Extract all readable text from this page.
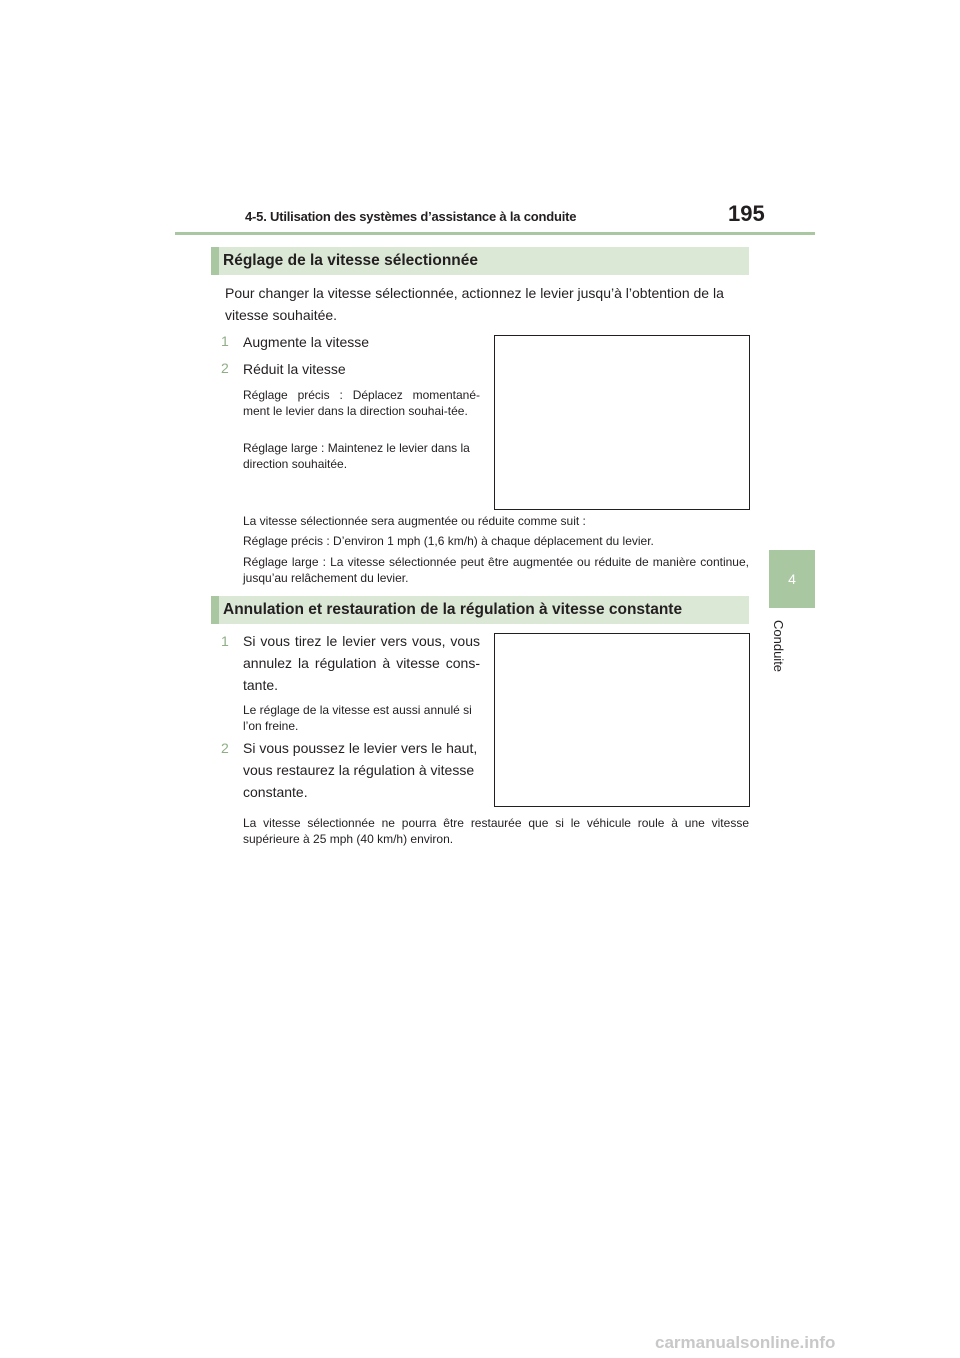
4-5. Utilisation des systèmes d’assistance à la conduite	195
4
Conduite
Réglage de la vitesse sélectionnée
Pour changer la vitesse sélectionnée, actionnez le levier jusqu’à l’obtention de la
vitesse souhaitée.
1 Augmente la vitesse
2 Réduit la vitesse
Réglage précis : Déplacez momentané-ment le levier dans la direction souhai-tée.
Réglage large : Maintenez le levier dans la direction souhaitée.
La vitesse sélectionnée sera augmentée ou réduite comme suit :
Réglage précis : D’environ 1 mph (1,6 km/h) à chaque déplacement du levier.
Réglage large : La vitesse sélectionnée peut être augmentée ou réduite de manière continue, jusqu’au relâchement du levier.
Annulation et restauration de la régulation à vitesse constante
1 Si vous tirez le levier vers vous, vous annulez la régulation à vitesse cons-tante.
Le réglage de la vitesse est aussi annulé si l’on freine.
2 Si vous poussez le levier vers le haut, vous restaurez la régulation à vitesse constante.
La vitesse sélectionnée ne pourra être restaurée que si le véhicule roule à une vitesse supérieure à 25 mph (40 km/h) environ.
carmanualsonline.info
